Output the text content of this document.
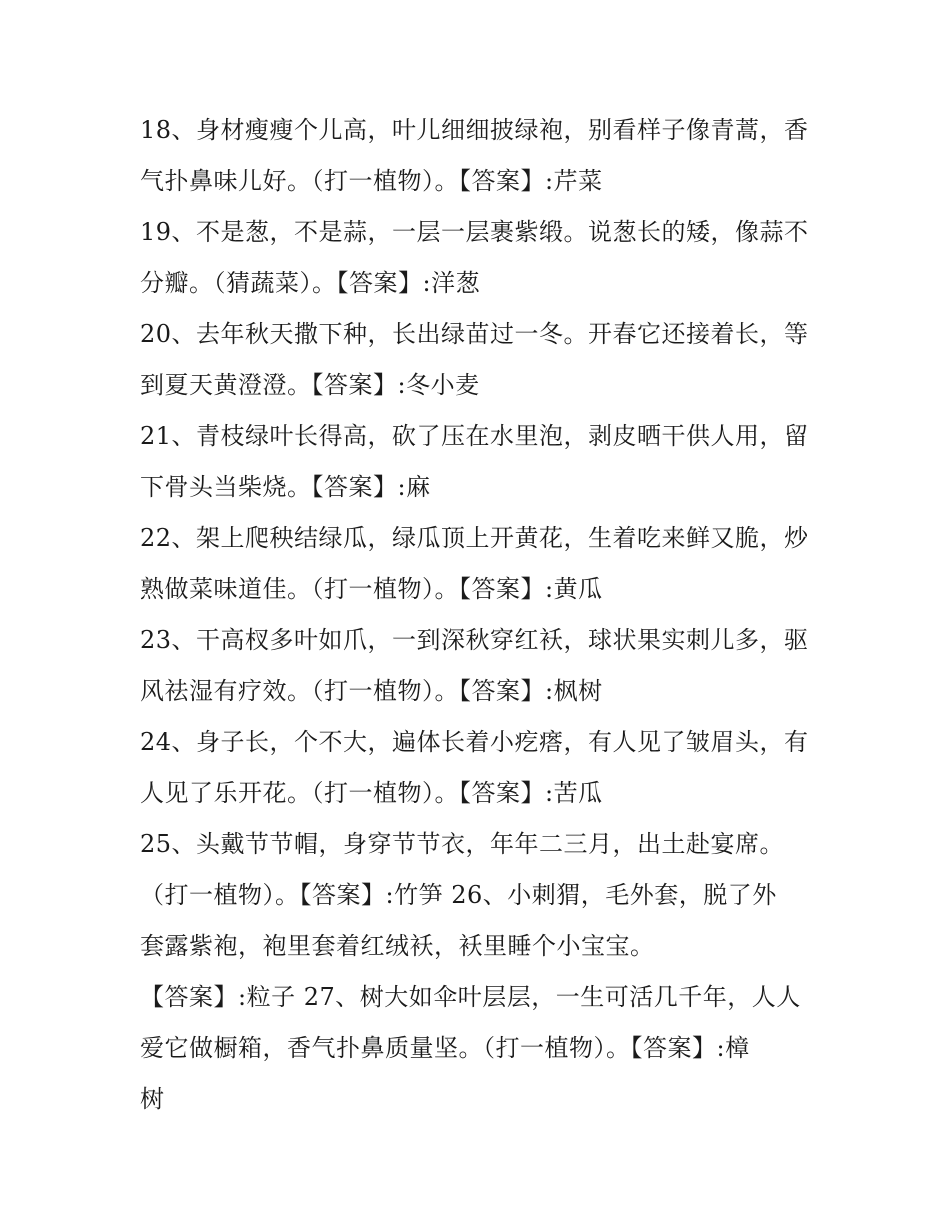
18、身材瘦瘦个儿高，叶儿细细披绿袍，别看样子像青蒿，香
气扑鼻味儿好。（打一植物）。【答案】:芹菜
19、不是葱，不是蒜，一层一层裹紫缎。说葱长的矮，像蒜不
分瓣。（猜蔬菜）。【答案】:洋葱
20、去年秋天撒下种，长出绿苗过一冬。开春它还接着长，等
到夏天黄澄澄。【答案】:冬小麦
21、青枝绿叶长得高，砍了压在水里泡，剥皮晒干供人用，留
下骨头当柴烧。【答案】:麻
22、架上爬秧结绿瓜，绿瓜顶上开黄花，生着吃来鲜又脆，炒
熟做菜味道佳。（打一植物）。【答案】:黄瓜
23、干高杈多叶如爪，一到深秋穿红袄，球状果实刺儿多，驱
风祛湿有疗效。（打一植物）。【答案】:枫树
24、身子长，个不大，遍体长着小疙瘩，有人见了皱眉头，有
人见了乐开花。（打一植物）。【答案】:苦瓜
25、头戴节节帽，身穿节节衣，年年二三月，出土赴宴席。
（打一植物）。【答案】:竹笋 26、小刺猬，毛外套，脱了外
套露紫袍，袍里套着红绒袄，袄里睡个小宝宝。
【答案】:粒子 27、树大如伞叶层层，一生可活几千年，人人
爱它做橱箱，香气扑鼻质量坚。（打一植物）。【答案】:樟
树
